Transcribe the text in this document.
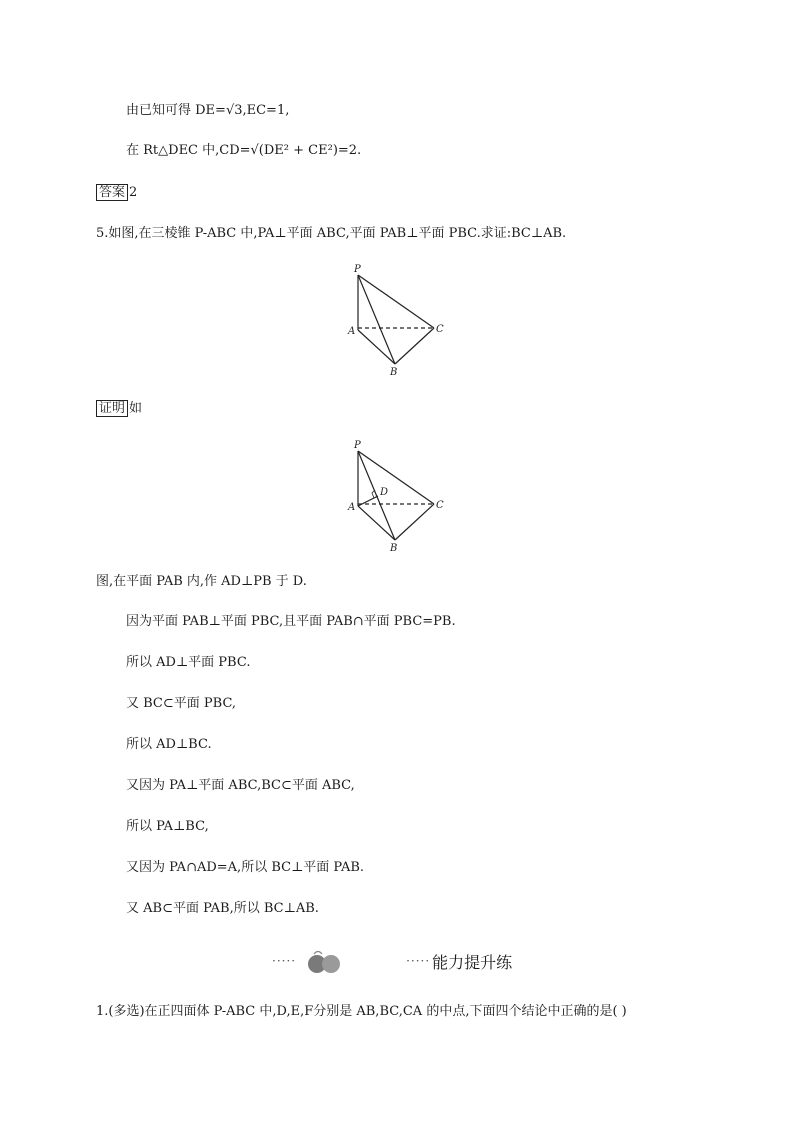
由已知可得 DE=√3,EC=1,
在 Rt△DEC 中,CD=√(DE² + CE²)=2.
答案 2
5.如图,在三棱锥 P-ABC 中,PA⊥平面 ABC,平面 PAB⊥平面 PBC.求证:BC⊥AB.
P
A
B
C
证明 如
P
A
B
C
D
图,在平面 PAB 内,作 AD⊥PB 于 D.
因为平面 PAB⊥平面 PBC,且平面 PAB∩平面 PBC=PB.
所以 AD⊥平面 PBC.
又 BC⊂平面 PBC,
所以 AD⊥BC.
又因为 PA⊥平面 ABC,BC⊂平面 ABC,
所以 PA⊥BC,
又因为 PA∩AD=A,所以 BC⊥平面 PAB.
又 AB⊂平面 PAB,所以 BC⊥AB.
·····	····· 能力提升练
1.(多选)在正四面体 P-ABC 中,D,E,F分别是 AB,BC,CA 的中点,下面四个结论中正确的是( )
